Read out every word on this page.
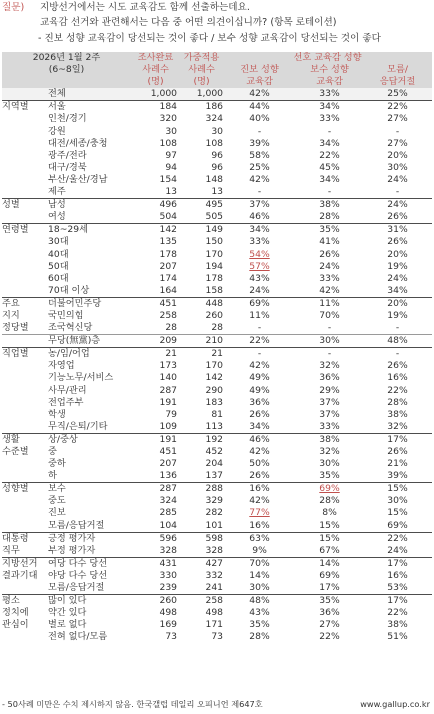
질문) 지방선거에서는 시도 교육감도 함께 선출하는데요.
교육감 선거와 관련해서는 다음 중 어떤 의견이십니까? (항목 로테이션)
- 진보 성향 교육감이 당선되는 것이 좋다 / 보수 성향 교육감이 당선되는 것이 좋다
2026년 1월 2주		조사완료	가중적용	선호 교육감 성향		
(6~8일)		사례수	사례수	진보 성향	보수 성향	모름/
		(명)	(명)	교육감	교육감	응답거절
	전체	1,000	1,000	42%	33%	25%
지역별	서울	184	186	44%	34%	22%
	인천/경기	320	324	40%	33%	27%
	강원	30	30	-	-	-
	대전/세종/충청	108	108	39%	34%	27%
	광주/전라	97	96	58%	22%	20%
	대구/경북	94	96	25%	45%	30%
	부산/울산/경남	154	148	42%	34%	24%
	제주	13	13	-	-	-
성별	남성	496	495	37%	38%	24%
	여성	504	505	46%	28%	26%
연령별	18~29세	142	149	34%	35%	31%
	30대	135	150	33%	41%	26%
	40대	178	170	54%	26%	20%
	50대	207	194	57%	24%	19%
	60대	174	178	43%	33%	24%
	70대 이상	164	158	24%	42%	34%
주요	더불어민주당	451	448	69%	11%	20%
지지	국민의힘	258	260	11%	70%	19%
정당별	조국혁신당	28	28	-	-	-
	무당(無黨)층	209	210	22%	30%	48%
직업별	농/임/어업	21	21	-	-	-
	자영업	173	170	42%	32%	26%
	기능노무/서비스	140	142	49%	36%	16%
	사무/관리	287	290	49%	29%	22%
	전업주부	191	183	36%	37%	28%
	학생	79	81	26%	37%	38%
	무직/은퇴/기타	109	113	34%	33%	32%
생활	상/중상	191	192	46%	38%	17%
수준별	중	451	452	42%	32%	26%
	중하	207	204	50%	30%	21%
	하	136	137	26%	35%	39%
성향별	보수	287	288	16%	69%	15%
	중도	324	329	42%	28%	30%
	진보	285	282	77%	8%	15%
	모름/응답거절	104	101	16%	15%	69%
대통령	긍정 평가자	596	598	63%	15%	22%
직무	부정 평가자	328	328	9%	67%	24%
지방선거	여당 다수 당선	431	427	70%	14%	17%
결과기대	야당 다수 당선	330	332	14%	69%	16%
	모름/응답거절	239	241	30%	17%	53%
평소	많이 있다	260	258	48%	35%	17%
정치에	약간 있다	498	498	43%	36%	22%
관심이	별로 없다	169	171	35%	27%	38%
	전혀 없다/모름	73	73	28%	22%	51%
- 50사례 미만은 수치 제시하지 않음. 한국갤럽 데일리 오피니언 제647호	www.gallup.co.kr
